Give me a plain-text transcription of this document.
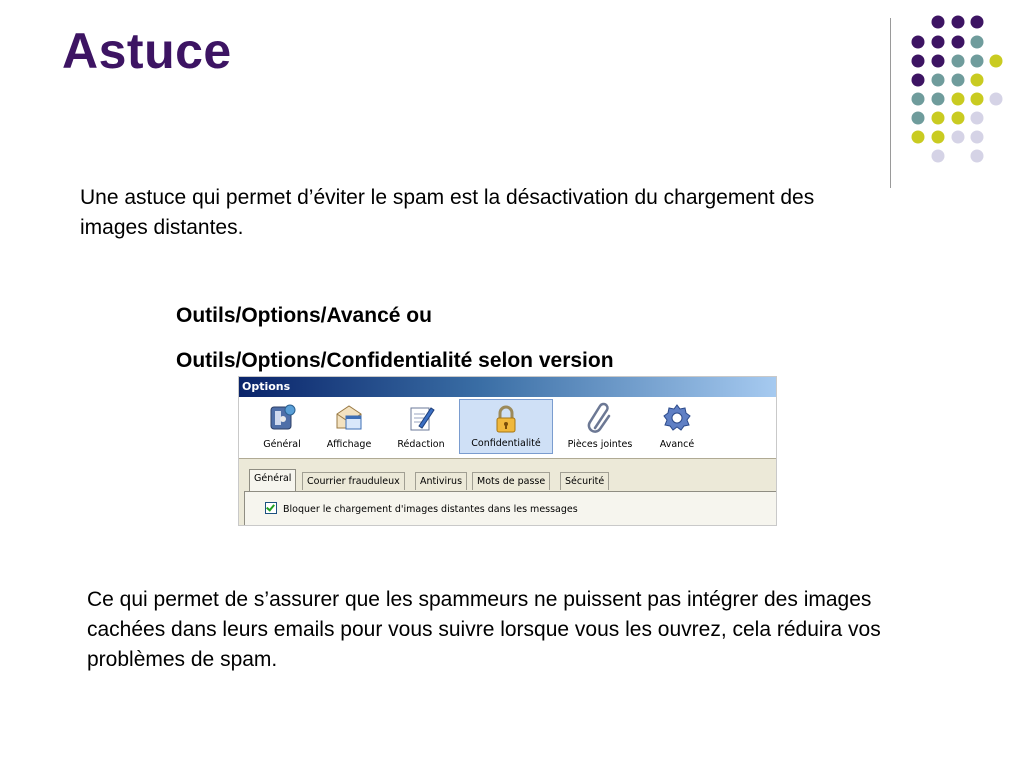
Astuce
Une astuce qui permet d’éviter le spam est la désactivation du chargement des images distantes.
Outils/Options/Avancé ou
Outils/Options/Confidentialité selon version
Options
Général	Affichage	Rédaction	Confidentialité	Pièces jointes	Avancé
Général	Courrier frauduleux	Antivirus	Mots de passe	Sécurité
Bloquer le chargement d'images distantes dans les messages
Ce qui permet de s’assurer que les spammeurs ne puissent pas intégrer des images cachées dans leurs emails pour vous suivre lorsque vous les ouvrez, cela réduira vos problèmes de spam.
